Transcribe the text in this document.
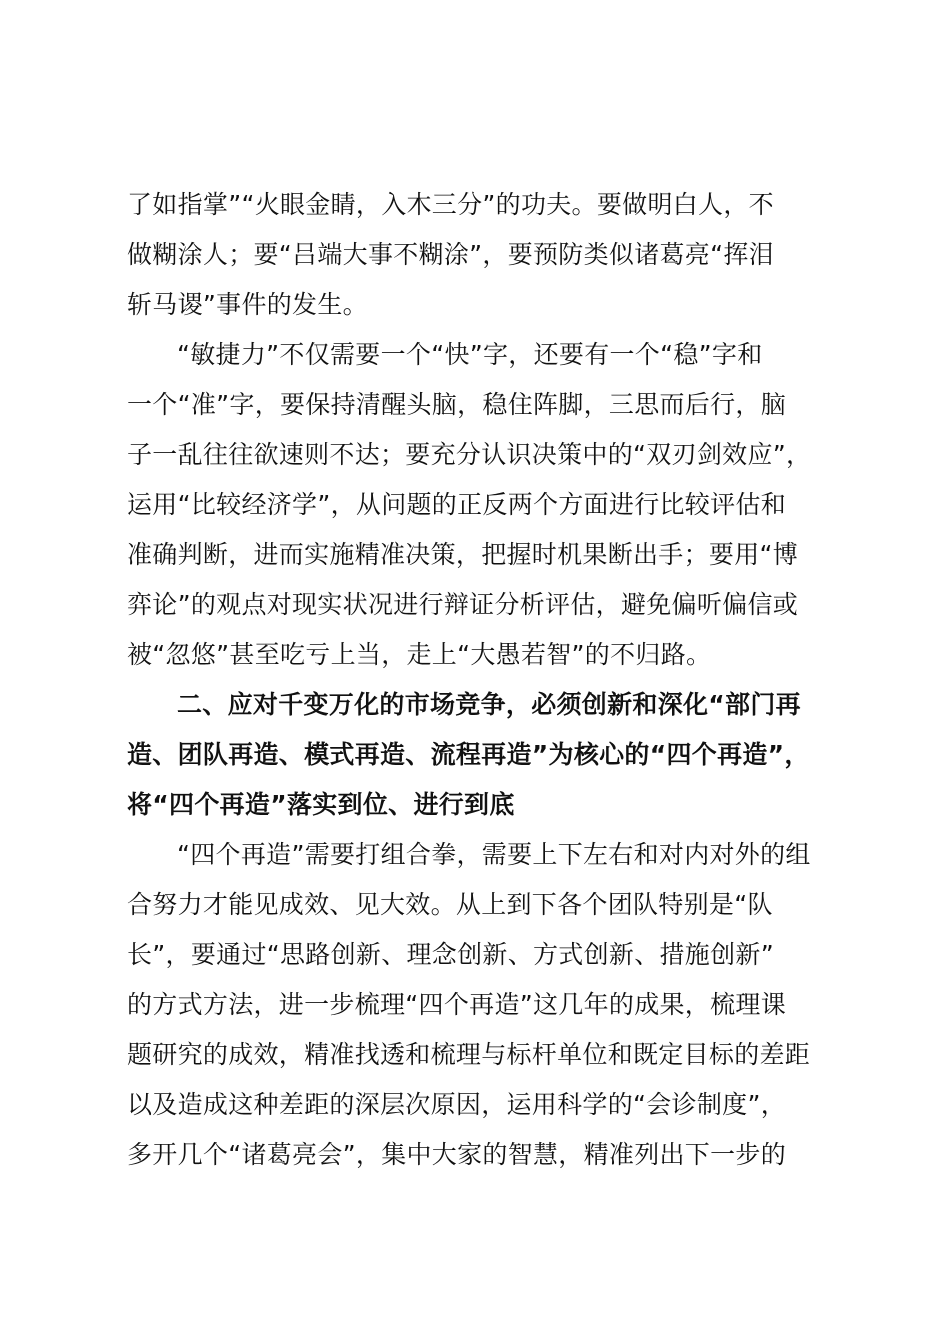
了如指掌”“火眼金睛，入木三分”的功夫。要做明白人，不
做糊涂人；要“吕端大事不糊涂”，要预防类似诸葛亮“挥泪
斩马谡”事件的发生。
“敏捷力”不仅需要一个“快”字，还要有一个“稳”字和
一个“准”字，要保持清醒头脑，稳住阵脚，三思而后行，脑
子一乱往往欲速则不达；要充分认识决策中的“双刃剑效应”，
运用“比较经济学”，从问题的正反两个方面进行比较评估和
准确判断，进而实施精准决策，把握时机果断出手；要用“博
弈论”的观点对现实状况进行辩证分析评估，避免偏听偏信或
被“忽悠”甚至吃亏上当，走上“大愚若智”的不归路。
二、应对千变万化的市场竞争，必须创新和深化“部门再
造、团队再造、模式再造、流程再造”为核心的“四个再造”，
将“四个再造”落实到位、进行到底
“四个再造”需要打组合拳，需要上下左右和对内对外的组
合努力才能见成效、见大效。从上到下各个团队特别是“队
长”，要通过“思路创新、理念创新、方式创新、措施创新”
的方式方法，进一步梳理“四个再造”这几年的成果，梳理课
题研究的成效，精准找透和梳理与标杆单位和既定目标的差距
以及造成这种差距的深层次原因，运用科学的“会诊制度”，
多开几个“诸葛亮会”，集中大家的智慧，精准列出下一步的
